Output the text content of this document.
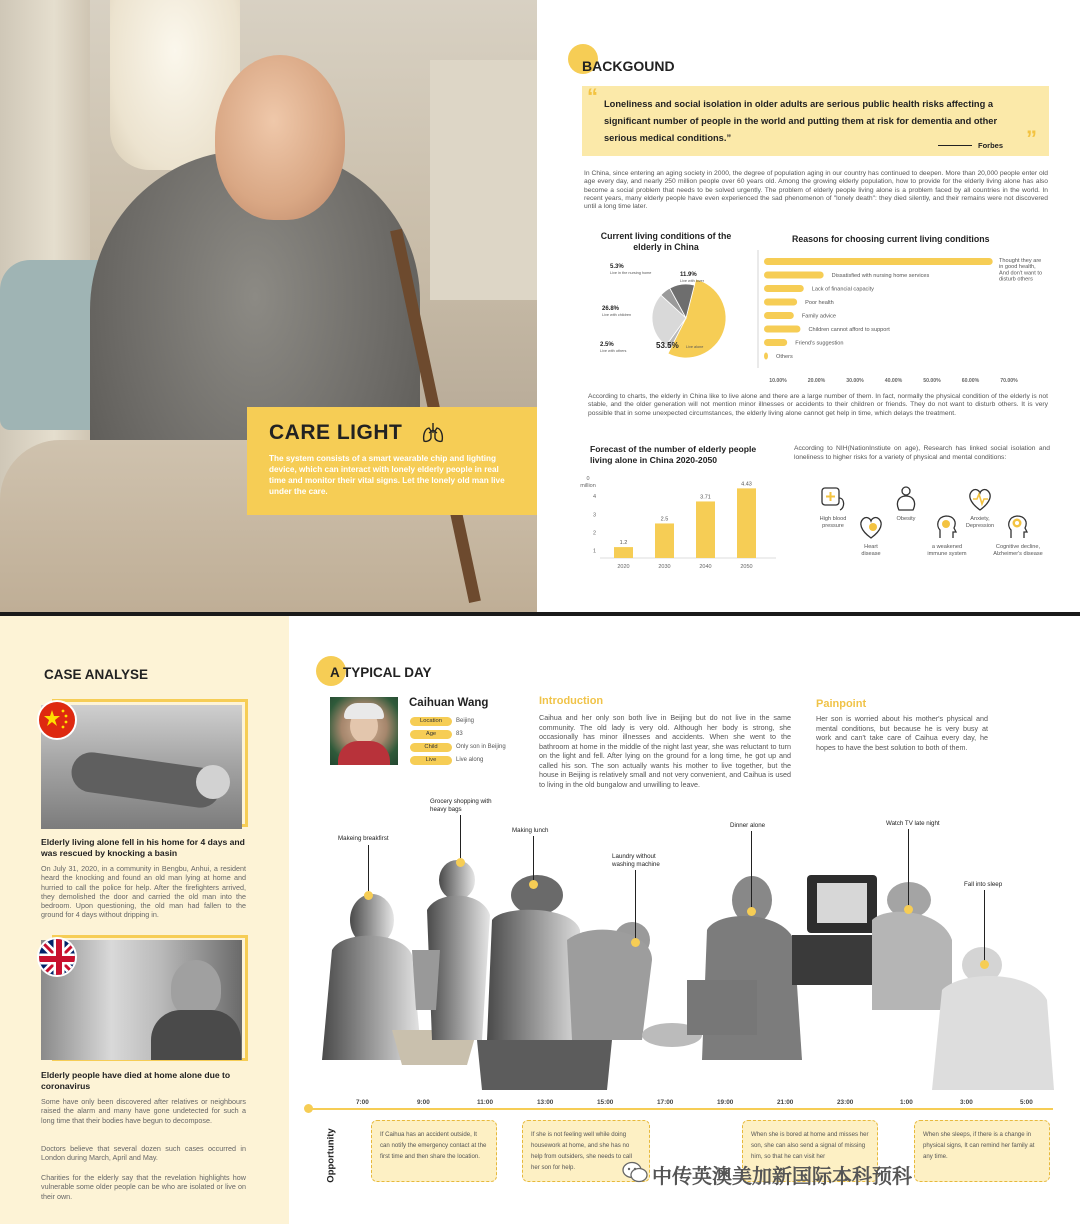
CARE LIGHT
The system consists of a smart wearable chip and lighting device, which can interact with lonely elderly people in real time and monitor their vital signs. Let the lonely old man live under the care.
BACKGOUND
Loneliness and social isolation in older adults are serious public health risks affecting a significant number of people in the world and putting them at risk for dementia and other serious medical conditions.”
“
”
Forbes
In China, since entering an aging society in 2000, the degree of population aging in our country has continued to deepen. More than 20,000 people enter old age every day, and nearly 250 million people over 60 years old. Among the growing elderly population, how to provide for the elderly living alone has also become a social problem that needs to be solved urgently. The problem of elderly people living alone is a problem faced by all countries in the world. In recent years, many elderly people have even experienced the sad phenomenon of "lonely death": they died silently, and their remains were not discovered until a long time later.
Current living conditions of the elderly in China
53.5% Live alone
2.5%
Live with others
26.8%
Live with children
5.3%
Live in the nursing home	11.9%
Live with lover
Reasons for choosing current living conditions
Thought they are
in good health,
And don't want to
disturb others
Dissatisfied with nursing home services
Lack of financial capacity
Poor health
Family advice
Children cannot afford to support
Friend's suggestion
Others
10.00%	20.00%	30.00%	40.00%	50.00%	60.00%	70.00%
According to charts, the elderly in China like to live alone and there are a large number of them. In fact, normally the physical condition of the elderly is not stable, and the older generation will not mention minor illnesses or accidents to their children or friends. They do not want to disturb others. It is very possible that in some unexpected circumstances, the elderly living alone cannot get help in time, which delays the treatment.
Forecast of the number of elderly people living alone in China 2020-2050
0
million
1
2
3
4
1.2
2020
2.5
2030
3.71
2040
4.43
2050
According to NIH(NationInstiute on age), Research has linked social isolation and loneliness to higher risks for a variety of physical and mental conditions:
High blood pressure
Heart disease
Obesity
a weakened immune system
Anxiety, Depression
Cognitive decline, Alzheimer's disease
CASE ANALYSE
Elderly living alone fell in his home for 4 days and was rescued by knocking a basin
On July 31, 2020, in a community in Bengbu, Anhui, a resident heard the knocking and found an old man lying at home and hurried to call the police for help. After the firefighters arrived, they demolished the door and carried the old man into the bedroom. Upon questioning, the old man had fallen to the ground for 4 days without dripping in.
Elderly people have died at home alone due to coronavirus
Some have only been discovered after relatives or neighbours raised the alarm and many have gone undetected for such a long time that their bodies have begun to decompose.
Doctors believe that several dozen such cases occurred in London during March, April and May.
Charities for the elderly say that the revelation highlights how vulnerable some older people can be who are isolated or live on their own.
A TYPICAL DAY
Caihuan Wang
Location	Beijing
Age	83
Child	Only son in Beijing
Live	Live along
Introduction
Caihua and her only son both live in Beijing but do not live in the same community. The old lady is very old. Although her body is strong, she occasionally has minor illnesses and accidents. When she went to the bathroom at home in the middle of the night last year, she was reluctant to turn on the light and fell. After lying on the ground for a long time, he got up and called his son. The son actually wants his mother to live together, but the house in Beijing is relatively small and not very convenient, and Caihua is used to living in the old bungalow and unwilling to leave.
Painpoint
Her son is worried about his mother's physical and mental conditions, but because he is very busy at work and can't take care of Caihua every day, he hopes to have the best solution to both of them.
Makeing breakfirst
Grocery shopping with heavy bags
Making lunch
Laundry without washing machine
Dinner alone	Watch TV late night
Fall into sleep
7:00	9:00	11:00	13:00	15:00	17:00	19:00	21:00	23:00	1:00	3:00	5:00
Opportunity	If Caihua has an accident outside, It can notify the emergency contact at the first time and then share the location.
If she is not feeling well while doing housework at home, and she has no help from outsiders, she needs to call her son for help.
When she is bored at home and misses her son, she can also send a signal of missing him, so that he can visit her
When she sleeps, if there is a change in physical signs, It can remind her family at any time.
中传英澳美加新国际本科预科
